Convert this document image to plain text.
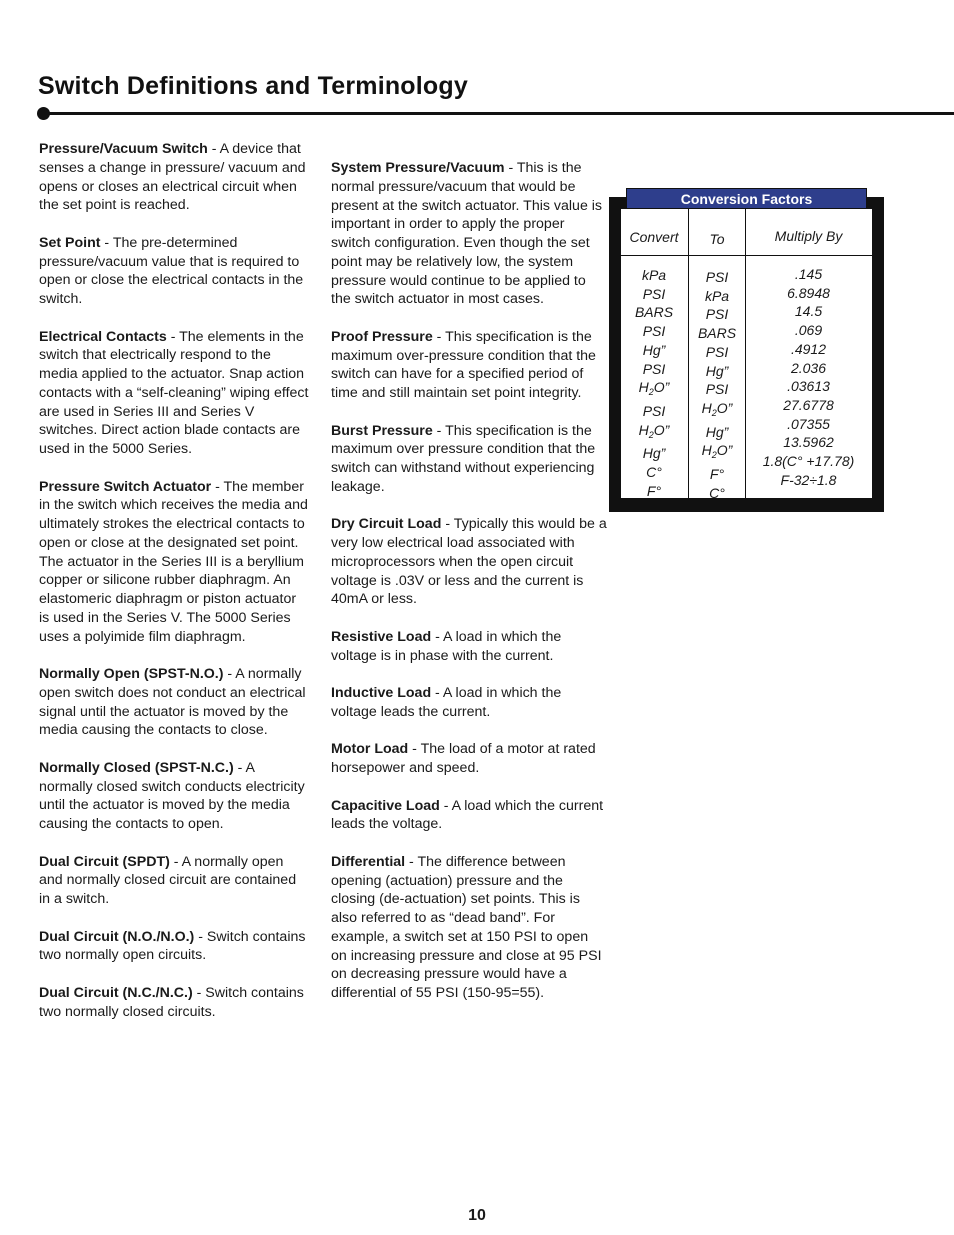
Switch Definitions and Terminology
Pressure/Vacuum Switch - A device that senses a change in pressure/ vacuum and opens or closes an electrical circuit when the set point is reached.
Set Point - The pre-determined pressure/vacuum value that is required to open or close the electrical contacts in the switch.
Electrical Contacts - The elements in the switch that electrically respond to the media applied to the actuator. Snap action contacts with a “self-cleaning” wiping effect are used in Series III and Series V switches. Direct action blade contacts are used in the 5000 Series.
Pressure Switch Actuator - The member in the switch which receives the media and ultimately strokes the electrical contacts to open or close at the designated set point. The actuator in the Series III is a beryllium copper or silicone rubber diaphragm. An elastomeric diaphragm or piston actuator is used in the Series V. The 5000 Series uses a polyimide film diaphragm.
Normally Open (SPST-N.O.) - A normally open switch does not conduct an electrical signal until the actuator is moved by the media causing the contacts to close.
Normally Closed (SPST-N.C.) - A normally closed switch conducts electricity until the actuator is moved by the media causing the contacts to open.
Dual Circuit (SPDT) - A normally open and normally closed circuit are contained in a switch.
Dual Circuit (N.O./N.O.) - Switch contains two normally open circuits.
Dual Circuit (N.C./N.C.) - Switch contains two normally closed circuits.
System Pressure/Vacuum - This is the normal pressure/vacuum that would be present at the switch actuator. This value is important in order to apply the proper switch configuration. Even though the set point may be relatively low, the system pressure would continue to be applied to the switch actuator in most cases.
Proof Pressure - This specification is the maximum over-pressure condition that the switch can have for a specified period of time and still maintain set point integrity.
Burst Pressure - This specification is the maximum over pressure condition that the switch can withstand without experiencing leakage.
Dry Circuit Load - Typically this would be a very low electrical load associated with microprocessors when the open circuit voltage is .03V or less and the current is 40mA or less.
Resistive Load - A load in which the voltage is in phase with the current.
Inductive Load - A load in which the voltage leads the current.
Motor Load - The load of a motor at rated horsepower and speed.
Capacitive Load - A load which the current leads the voltage.
Differential - The difference between opening (actuation) pressure and the closing (de-actuation) set points. This is also referred to as “dead band”. For example, a switch set at 150 PSI to open on increasing pressure and close at 95 PSI on decreasing pressure would have a differential of 55 PSI (150-95=55).
Conversion Factors
Convert	To	Multiply By
kPa
PSI
BARS
PSI
Hg”
PSI
$H_2O$”
PSI
$H_2O$”
Hg”
C°
F°
PSI
kPa
PSI
BARS
PSI
Hg”
PSI
$H_2O$”
Hg”
$H_2O$”
F°
C°
.145
6.8948
14.5
.069
.4912
2.036
.03613
27.6778
.07355
13.5962
1.8(C° +17.78)
F-32÷1.8
10
